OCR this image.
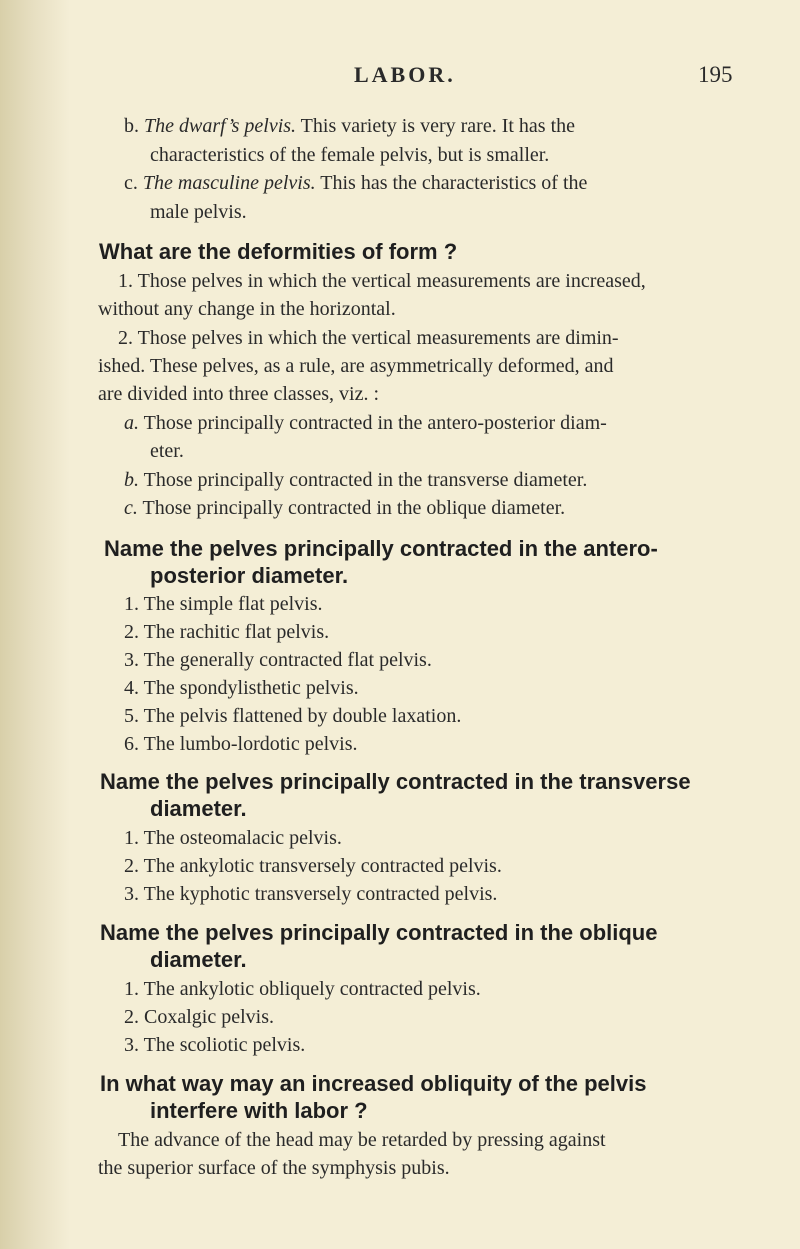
LABOR.	195
b. The dwarf’s pelvis. This variety is very rare. It has the
characteristics of the female pelvis, but is smaller.
c. The masculine pelvis. This has the characteristics of the
male pelvis.
What are the deformities of form ?
1. Those pelves in which the vertical measurements are increased,
without any change in the horizontal.
2. Those pelves in which the vertical measurements are dimin-
ished. These pelves, as a rule, are asymmetrically deformed, and
are divided into three classes, viz. :
a. Those principally contracted in the antero-posterior diam-
eter.
b. Those principally contracted in the transverse diameter.
c. Those principally contracted in the oblique diameter.
Name the pelves principally contracted in the antero-
posterior diameter.
1. The simple flat pelvis.
2. The rachitic flat pelvis.
3. The generally contracted flat pelvis.
4. The spondylisthetic pelvis.
5. The pelvis flattened by double laxation.
6. The lumbo-lordotic pelvis.
Name the pelves principally contracted in the transverse
diameter.
1. The osteomalacic pelvis.
2. The ankylotic transversely contracted pelvis.
3. The kyphotic transversely contracted pelvis.
Name the pelves principally contracted in the oblique
diameter.
1. The ankylotic obliquely contracted pelvis.
2. Coxalgic pelvis.
3. The scoliotic pelvis.
In what way may an increased obliquity of the pelvis
interfere with labor ?
The advance of the head may be retarded by pressing against
the superior surface of the symphysis pubis.
